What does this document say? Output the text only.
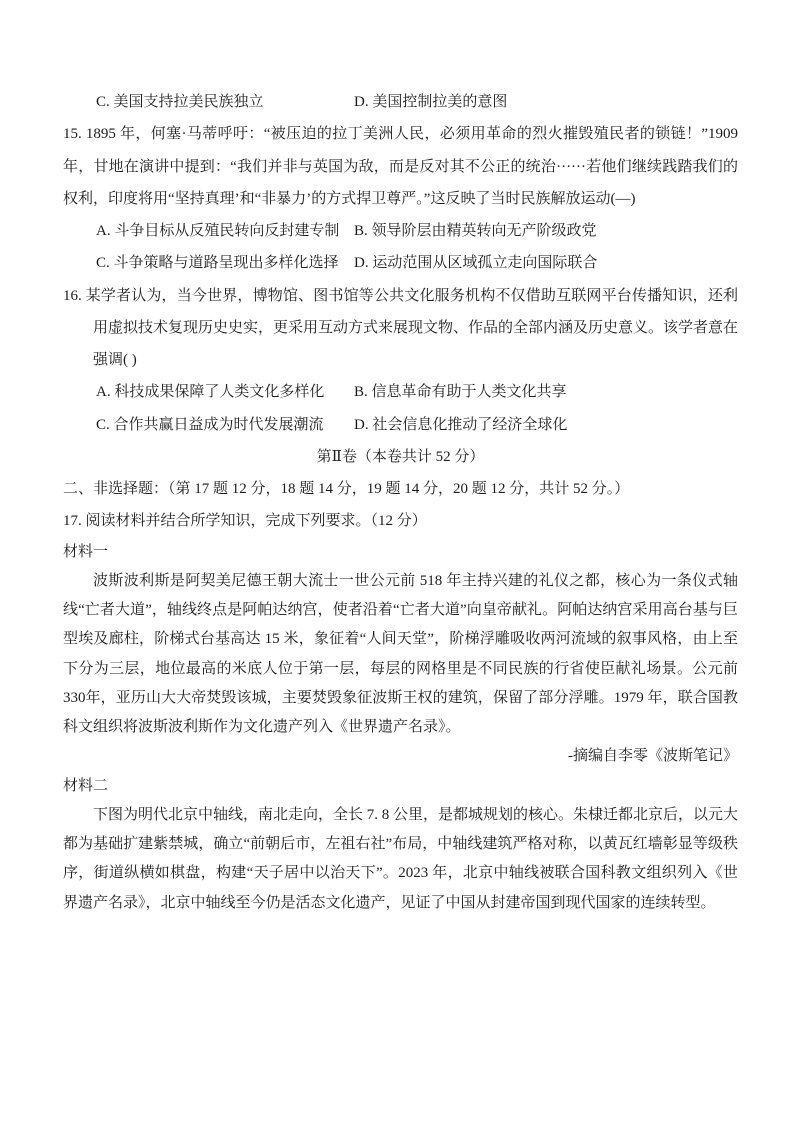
C. 美国支持拉美民族独立	D. 美国控制拉美的意图

15. 1895 年，何塞·马蒂呼吁：“被压迫的拉丁美洲人民，必须用革命的烈火摧毁殖民者的锁链！”1909 年，甘地在演讲中提到：“我们并非与英国为敌，而是反对其不公正的统治······若他们继续践踏我们的权利，印度将用“坚持真理’和“非暴力’的方式捍卫尊严。”这反映了当时民族解放运动(—)

A. 斗争目标从反殖民转向反封建专制 B. 领导阶层由精英转向无产阶级政党
C. 斗争策略与道路呈现出多样化选择 D. 运动范围从区域孤立走向国际联合

16. 某学者认为，当今世界，博物馆、图书馆等公共文化服务机构不仅借助互联网平台传播知识，还利用虚拟技术复现历史史实，更采用互动方式来展现文物、作品的全部内涵及历史意义。该学者意在强调( )

A. 科技成果保障了人类文化多样化	B. 信息革命有助于人类文化共享
C. 合作共赢日益成为时代发展潮流	D. 社会信息化推动了经济全球化

第Ⅱ卷（本卷共计 52 分）

二、非选择题：（第 17 题 12 分，18 题 14 分，19 题 14 分，20 题 12 分，共计 52 分。）

17. 阅读材料并结合所学知识，完成下列要求。（12 分）

材料一

波斯波利斯是阿契美尼德王朝大流士一世公元前 518 年主持兴建的礼仪之都，核心为一条仪式轴线“亡者大道”，轴线终点是阿帕达纳宫，使者沿着“亡者大道”向皇帝献礼。阿帕达纳宫采用高台基与巨型埃及廊柱，阶梯式台基高达 15 米，象征着“人间天堂”，阶梯浮雕吸收两河流域的叙事风格，由上至下分为三层，地位最高的米底人位于第一层，每层的网格里是不同民族的行省使臣献礼场景。公元前330年，亚历山大大帝焚毁该城，主要焚毁象征波斯王权的建筑，保留了部分浮雕。1979 年，联合国教科文组织将波斯波利斯作为文化遗产列入《世界遗产名录》。

-摘编自李零《波斯笔记》

材料二

下图为明代北京中轴线，南北走向，全长 7. 8 公里，是都城规划的核心。朱棣迁都北京后，以元大都为基础扩建紫禁城，确立“前朝后市，左祖右社”布局，中轴线建筑严格对称，以黄瓦红墙彰显等级秩序，街道纵横如棋盘，构建“天子居中以治天下”。2023 年，北京中轴线被联合国科教文组织列入《世界遗产名录》，北京中轴线至今仍是活态文化遗产，见证了中国从封建帝国到现代国家的连续转型。
